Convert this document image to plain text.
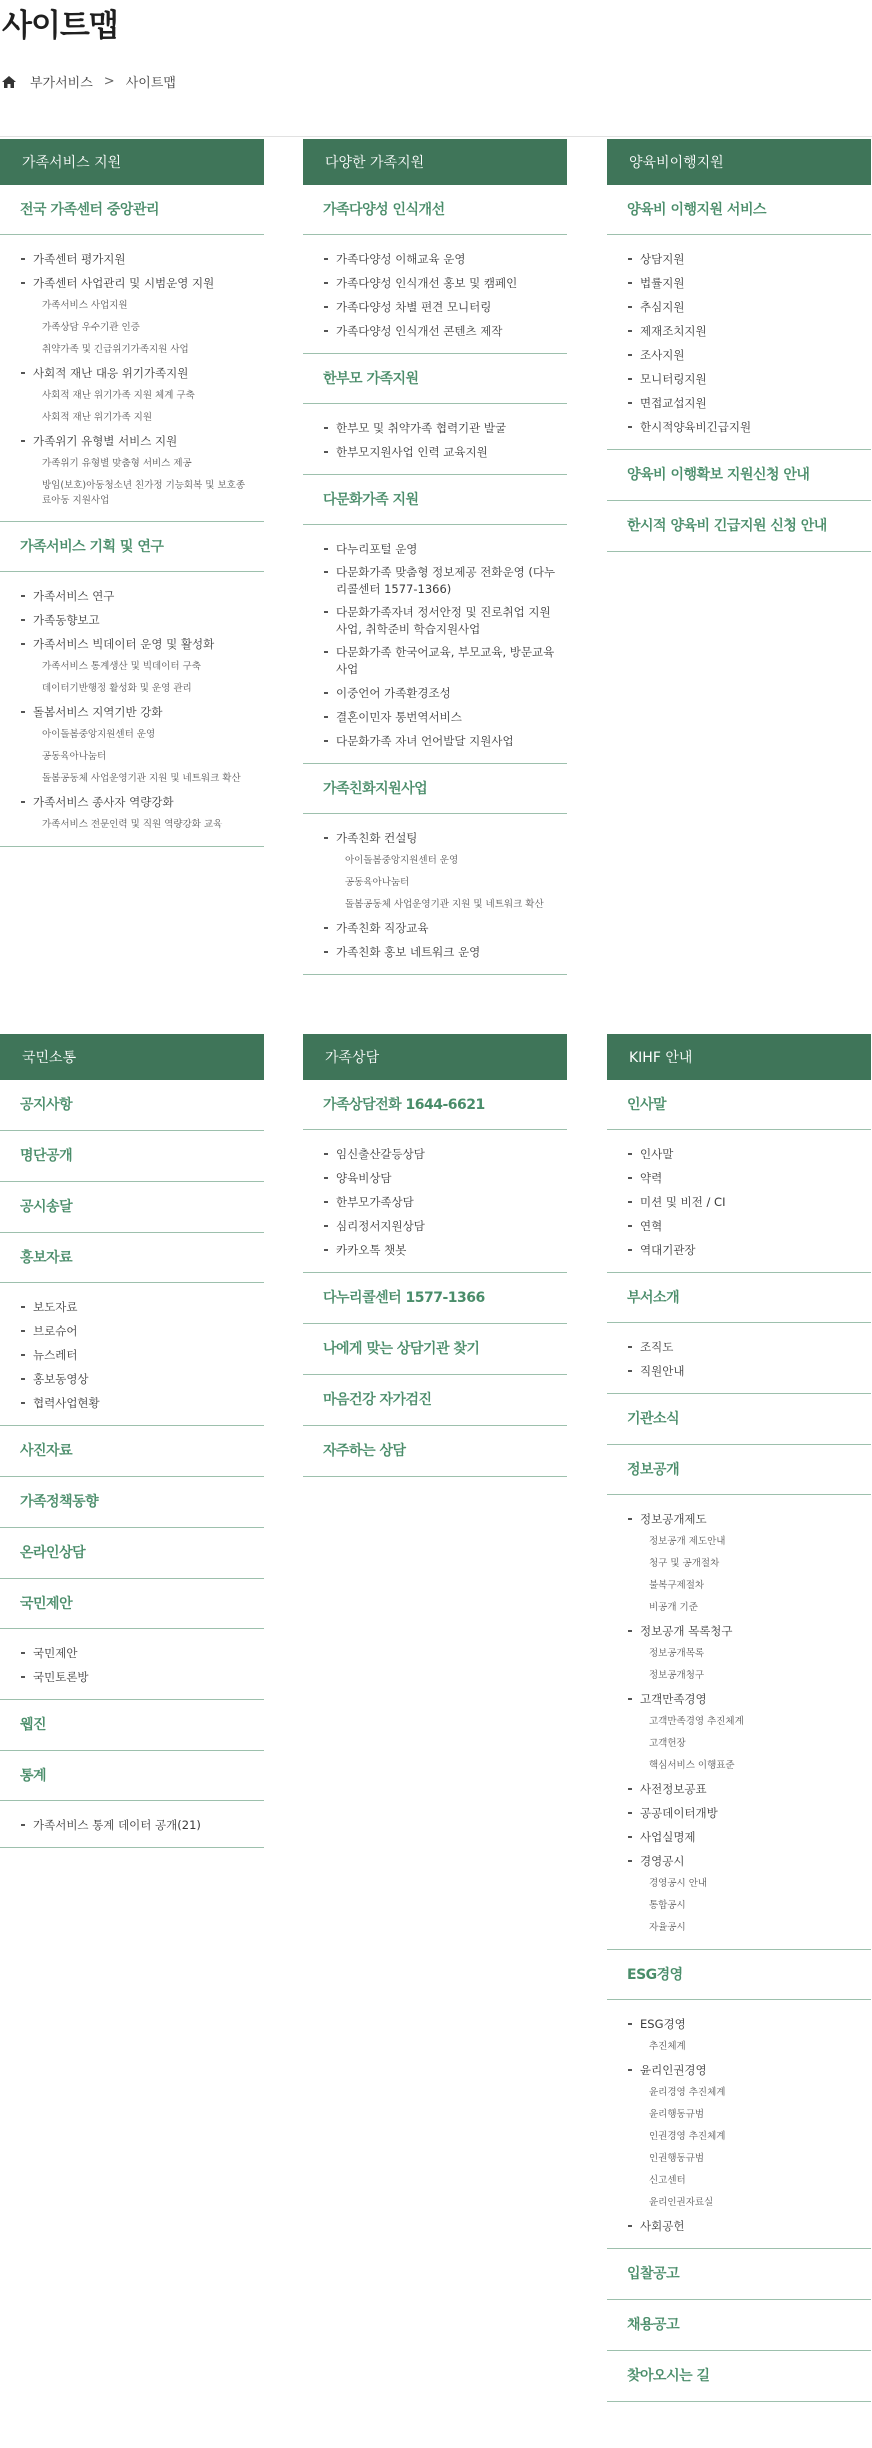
사이트맵
부가서비스 > 사이트맵
가족서비스 지원
전국 가족센터 중앙관리
가족센터 평가지원
가족센터 사업관리 및 시범운영 지원
가족서비스 사업지원
가족상담 우수기관 인증
취약가족 및 긴급위기가족지원 사업
사회적 재난 대응 위기가족지원
사회적 재난 위기가족 지원 체계 구축
사회적 재난 위기가족 지원
가족위기 유형별 서비스 지원
가족위기 유형별 맞춤형 서비스 제공
방임(보호)아동청소년 친가정 기능회복 및 보호종료아동 지원사업
가족서비스 기획 및 연구
가족서비스 연구
가족동향보고
가족서비스 빅데이터 운영 및 활성화
가족서비스 통계생산 및 빅데이터 구축
데이터기반행정 활성화 및 운영 관리
돌봄서비스 지역기반 강화
아이돌봄중앙지원센터 운영
공동육아나눔터
돌봄공동체 사업운영기관 지원 및 네트워크 확산
가족서비스 종사자 역량강화
가족서비스 전문인력 및 직원 역량강화 교육
다양한 가족지원
가족다양성 인식개선
가족다양성 이해교육 운영
가족다양성 인식개선 홍보 및 캠페인
가족다양성 차별 편견 모니터링
가족다양성 인식개선 콘텐츠 제작
한부모 가족지원
한부모 및 취약가족 협력기관 발굴
한부모지원사업 인력 교육지원
다문화가족 지원
다누리포털 운영
다문화가족 맞춤형 정보제공 전화운영 (다누리콜센터 1577-1366)
다문화가족자녀 정서안정 및 진로취업 지원사업, 취학준비 학습지원사업
다문화가족 한국어교육, 부모교육, 방문교육사업
이중언어 가족환경조성
결혼이민자 통번역서비스
다문화가족 자녀 언어발달 지원사업
가족친화지원사업
가족친화 컨설팅
아이돌봄중앙지원센터 운영
공동육아나눔터
돌봄공동체 사업운영기관 지원 및 네트워크 확산
가족친화 직장교육
가족친화 홍보 네트워크 운영
양육비이행지원
양육비 이행지원 서비스
상담지원
법률지원
추심지원
제재조치지원
조사지원
모니터링지원
면접교섭지원
한시적양육비긴급지원
양육비 이행확보 지원신청 안내
한시적 양육비 긴급지원 신청 안내
국민소통
공지사항
명단공개
공시송달
홍보자료
보도자료
브로슈어
뉴스레터
홍보동영상
협력사업현황
사진자료
가족정책동향
온라인상담
국민제안
국민제안
국민토론방
웹진
통계
가족서비스 통계 데이터 공개(21)
가족상담
가족상담전화 1644-6621
임신출산갈등상담
양육비상담
한부모가족상담
심리정서지원상담
카카오톡 챗봇
다누리콜센터 1577-1366
나에게 맞는 상담기관 찾기
마음건강 자가검진
자주하는 상담
KIHF 안내
인사말
인사말
약력
미션 및 비전 / CI
연혁
역대기관장
부서소개
조직도
직원안내
기관소식
정보공개
정보공개제도
정보공개 제도안내
청구 및 공개절차
불복구제절차
비공개 기준
정보공개 목록청구
정보공개목록
정보공개청구
고객만족경영
고객만족경영 추진체계
고객헌장
핵심서비스 이행표준
사전정보공표
공공데이터개방
사업실명제
경영공시
경영공시 안내
통합공시
자율공시
ESG경영
ESG경영
추진체계
윤리인권경영
윤리경영 추진체계
윤리행동규범
인권경영 추진체계
인권행동규범
신고센터
윤리인권자료실
사회공헌
입찰공고
채용공고
찾아오시는 길
